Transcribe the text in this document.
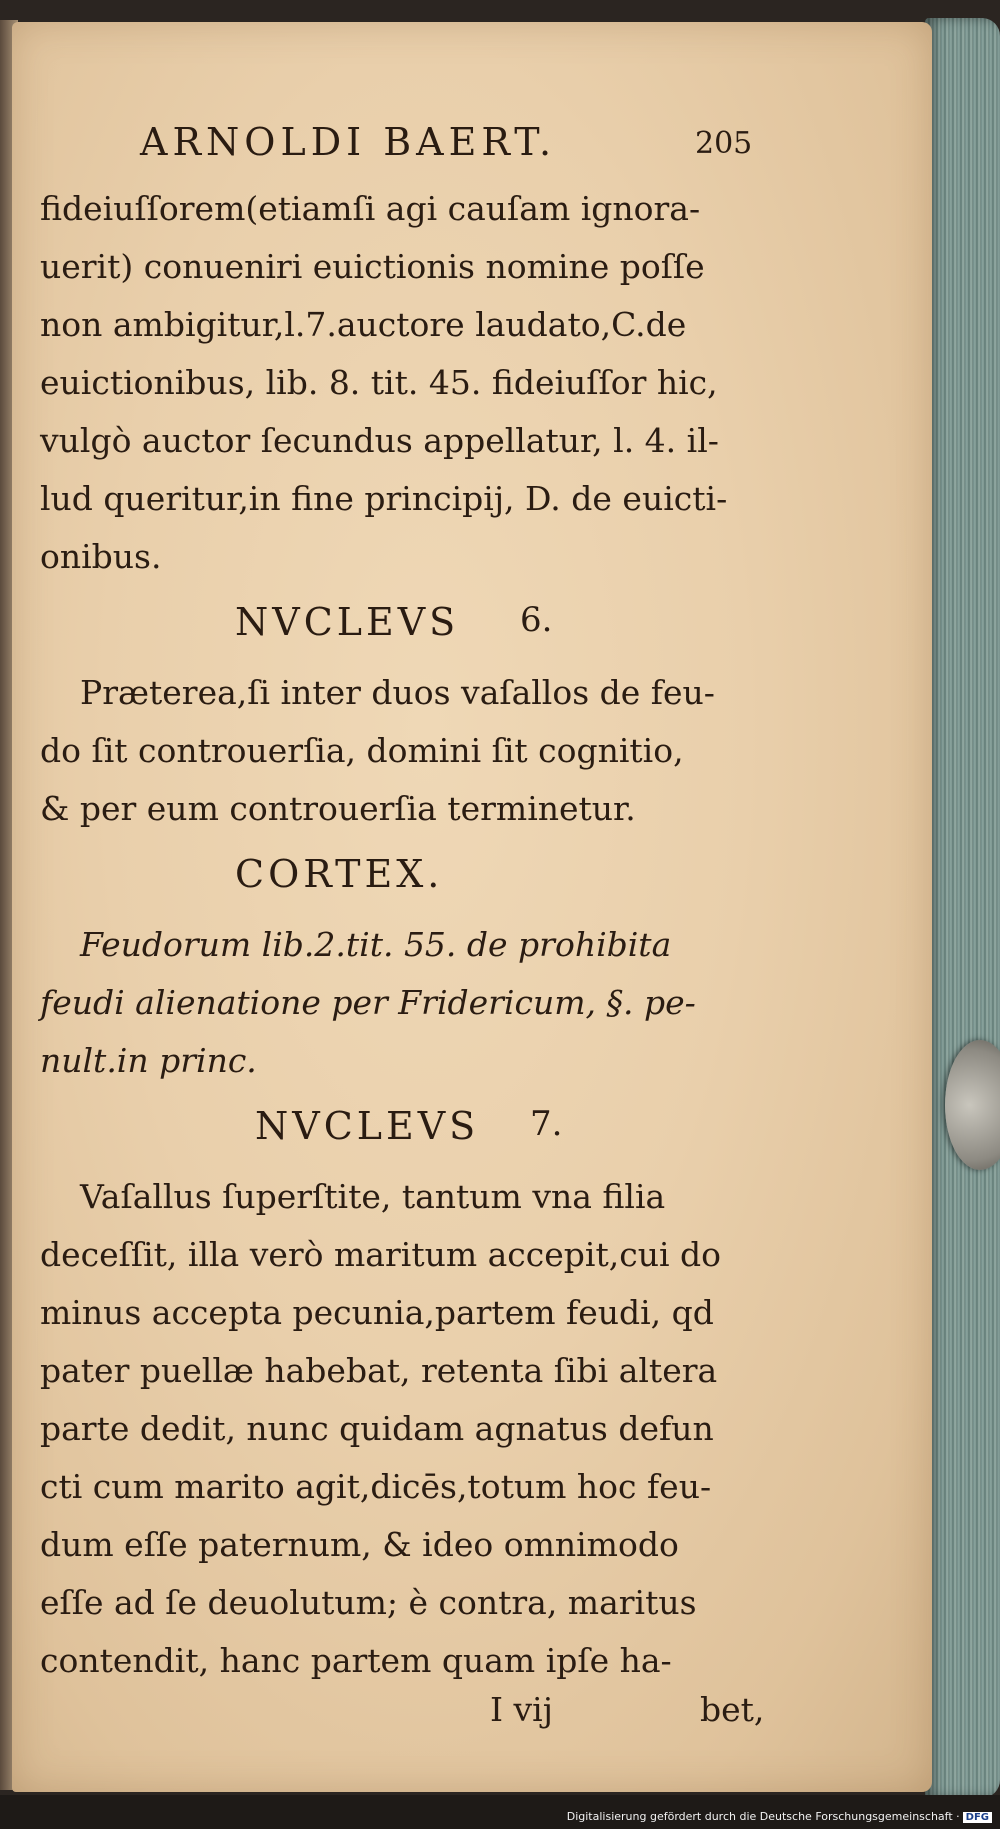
ARNOLDI BAERT.	205

fideiuſſorem(etiamſi agi cauſam ignora-
uerit) conueniri euictionis nomine poſſe
non ambigitur,l.7.auctore laudato,C.de
euictionibus, lib. 8. tit. 45. fideiuſſor hic,
vulgò auctor ſecundus appellatur, l. 4. il-
lud queritur,in fine principij, D. de euicti-
onibus.

NVCLEVS 6.

Præterea,ſi inter duos vaſallos de feu-
do ſit controuerſia, domini ſit cognitio,
& per eum controuerſia terminetur.

CORTEX.

Feudorum lib.2.tit. 55. de prohibita
feudi alienatione per Fridericum, §. pe-
nult.in princ.

NVCLEVS 7.

Vaſallus ſuperſtite, tantum vna filia
deceſſit, illa verò maritum accepit,cui do
minus accepta pecunia,partem feudi, qd
pater puellæ habebat, retenta ſibi altera
parte dedit, nunc quidam agnatus defun
cti cum marito agit,dicēs,totum hoc feu-
dum eſſe paternum, & ideo omnimodo
eſſe ad ſe deuolutum; è contra, maritus
contendit, hanc partem quam ipſe ha-

I vij	bet,
Digitalisierung gefördert durch die Deutsche Forschungsgemeinschaft · DFG
